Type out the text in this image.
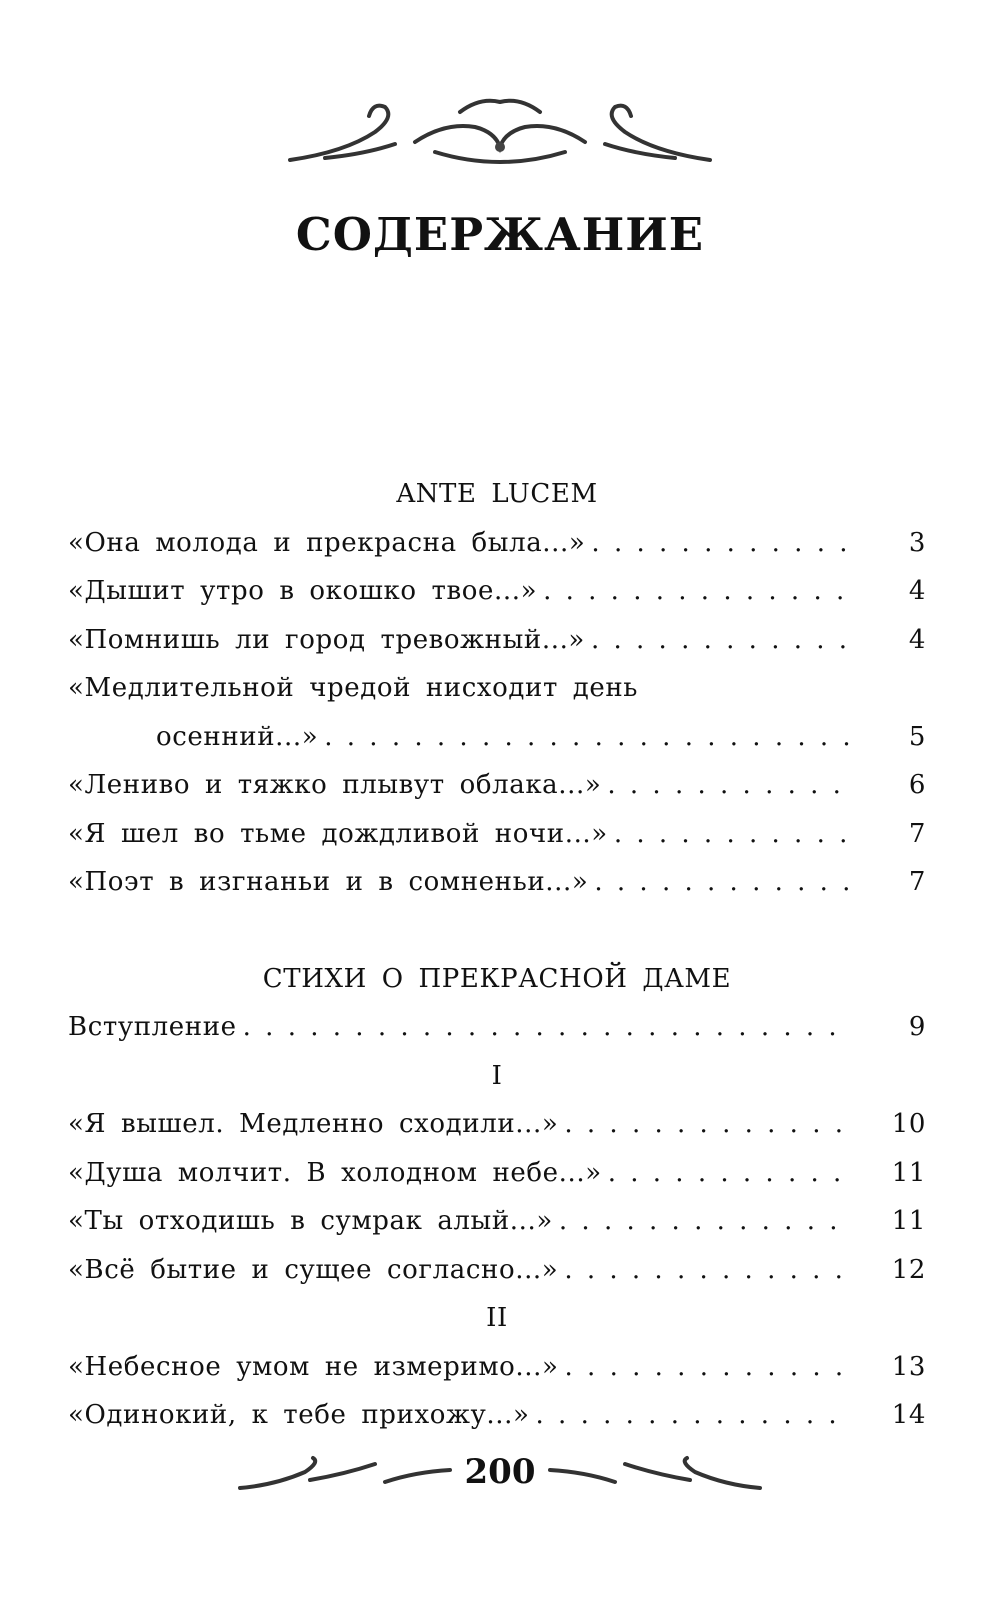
СОДЕРЖАНИЕ
ANTE LUCEM
«Она молода и прекрасна была...» . . .	3
«Дышит утро в окошко твое...» . . .	4
«Помнишь ли город тревожный...» . . .	4
«Медлительной чредой нисходит день
осенний...» . . .	5
«Лениво и тяжко плывут облака...» . . .	6
«Я шел во тьме дождливой ночи...» . . .	7
«Поэт в изгнаньи и в сомненьи...» . . .	7
СТИХИ О ПРЕКРАСНОЙ ДАМЕ
Вступление . . .	9
I
«Я вышел. Медленно сходили...» . . .	10
«Душа молчит. В холодном небе...» . . .	11
«Ты отходишь в сумрак алый...» . . .	11
«Всё бытие и сущее согласно...» . . .	12
II
«Небесное умом не измеримо...» . . .	13
«Одинокий, к тебе прихожу...» . . .	14
200
